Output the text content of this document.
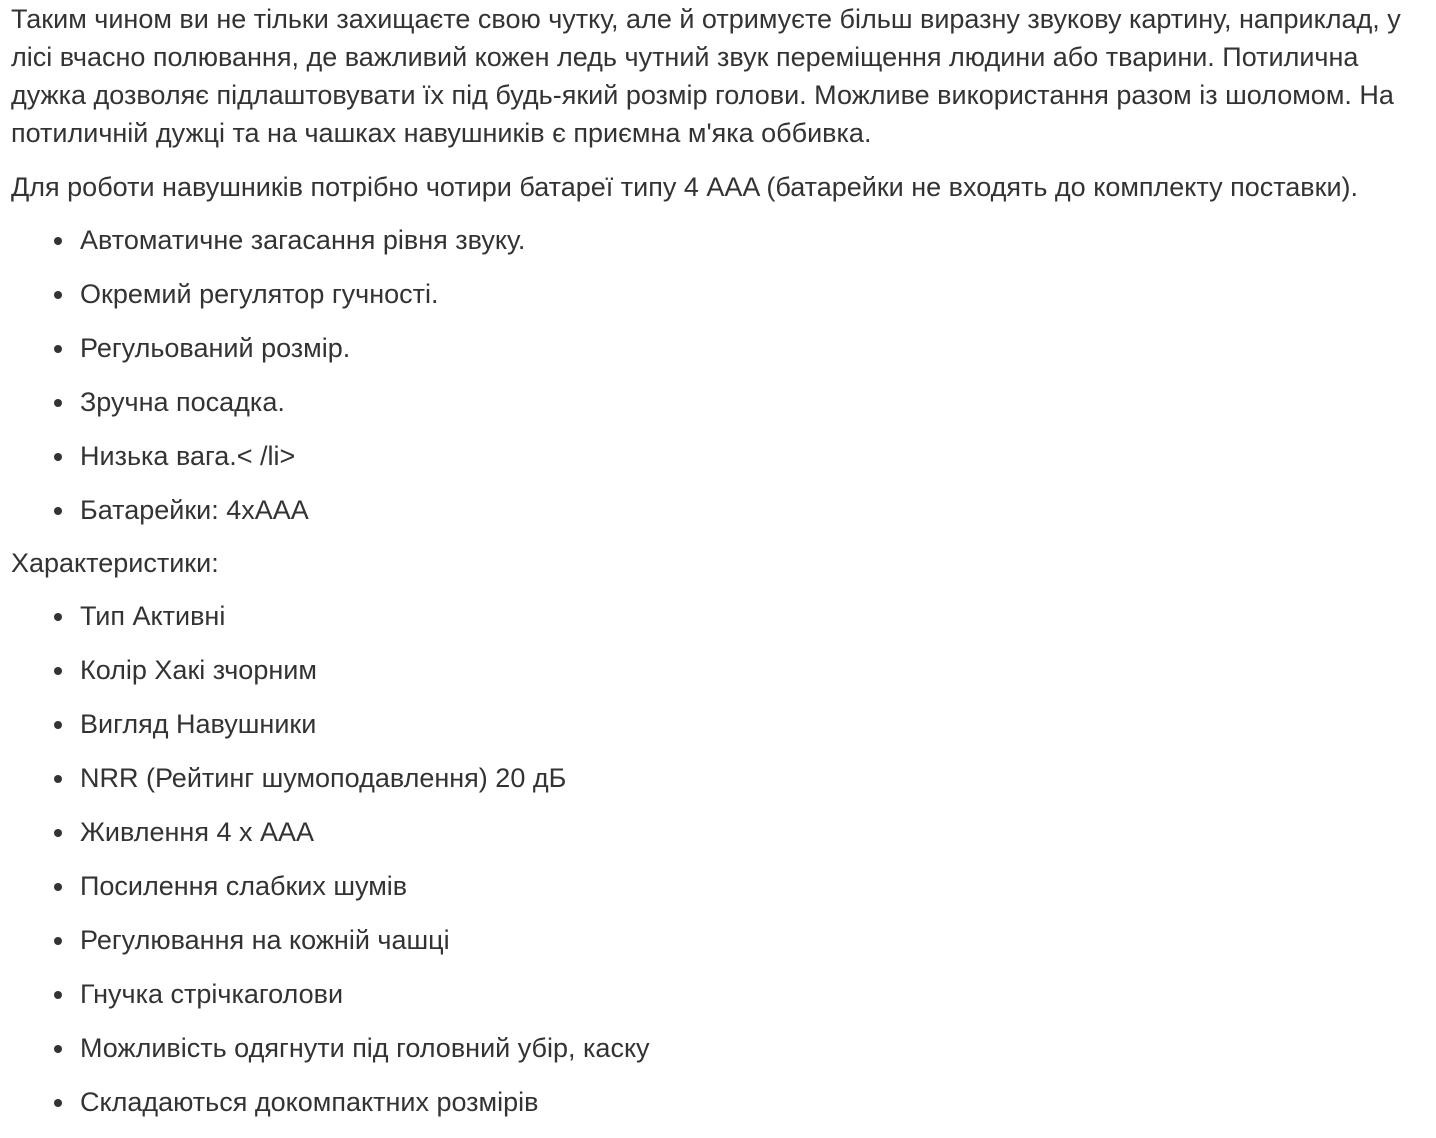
Таким чином ви не тільки захищаєте свою чутку, але й отримуєте більш виразну звукову картину, наприклад, у лісі вчасно полювання, де важливий кожен ледь чутний звук переміщення людини або тварини. Потилична дужка дозволяє підлаштовувати їх під будь-який розмір голови. Можливе використання разом із шоломом. На потиличній дужці та на чашках навушників є приємна м'яка оббивка.

Для роботи навушників потрібно чотири батареї типу 4 AAA (батарейки не входять до комплекту поставки).

Автоматичне загасання рівня звуку.
Окремий регулятор гучності.
Регульований розмір.
Зручна посадка.
Низька вага.< /li>
Батарейки: 4хААА

Характеристики:

Тип Активні
Колір Хакі зчорним
Вигляд Навушники
NRR (Рейтинг шумоподавлення) 20 дБ
Живлення 4 х AAA
Посилення слабких шумів
Регулювання на кожній чашці
Гнучка стрічкаголови
Можливість одягнути під головний убір, каску
Складаються докомпактних розмірів
